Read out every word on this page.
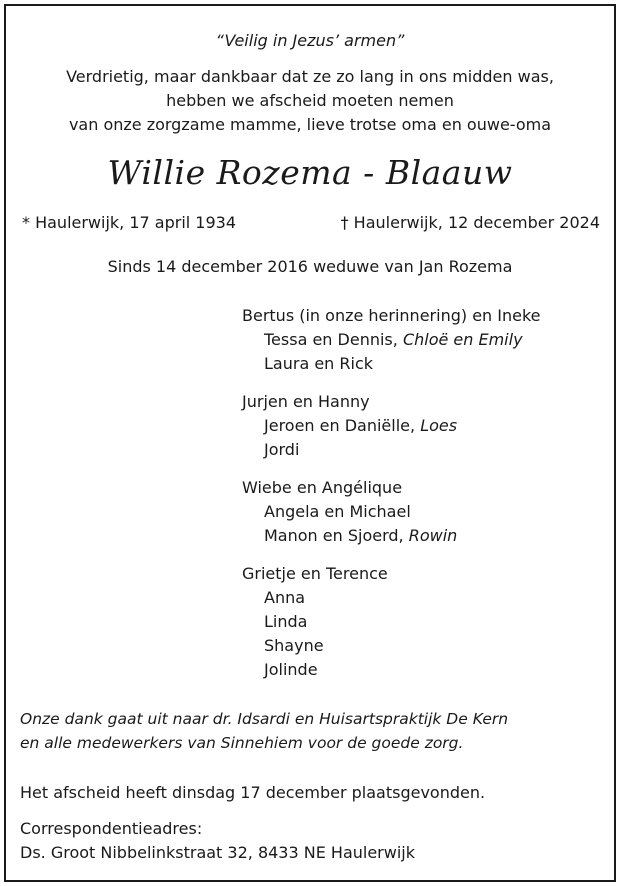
“Veilig in Jezus’ armen”
Verdrietig, maar dankbaar dat ze zo lang in ons midden was,
hebben we afscheid moeten nemen
van onze zorgzame mamme, lieve trotse oma en ouwe-oma
Willie Rozema - Blaauw
* Haulerwijk, 17 april 1934	† Haulerwijk, 12 december 2024
Sinds 14 december 2016 weduwe van Jan Rozema
Bertus (in onze herinnering) en Ineke
Tessa en Dennis, Chloë en Emily
Laura en Rick
Jurjen en Hanny
Jeroen en Daniëlle, Loes
Jordi
Wiebe en Angélique
Angela en Michael
Manon en Sjoerd, Rowin
Grietje en Terence
Anna
Linda
Shayne
Jolinde
Onze dank gaat uit naar dr. Idsardi en Huisartspraktijk De Kern
en alle medewerkers van Sinnehiem voor de goede zorg.
Het afscheid heeft dinsdag 17 december plaatsgevonden.
Correspondentieadres:
Ds. Groot Nibbelinkstraat 32, 8433 NE Haulerwijk
